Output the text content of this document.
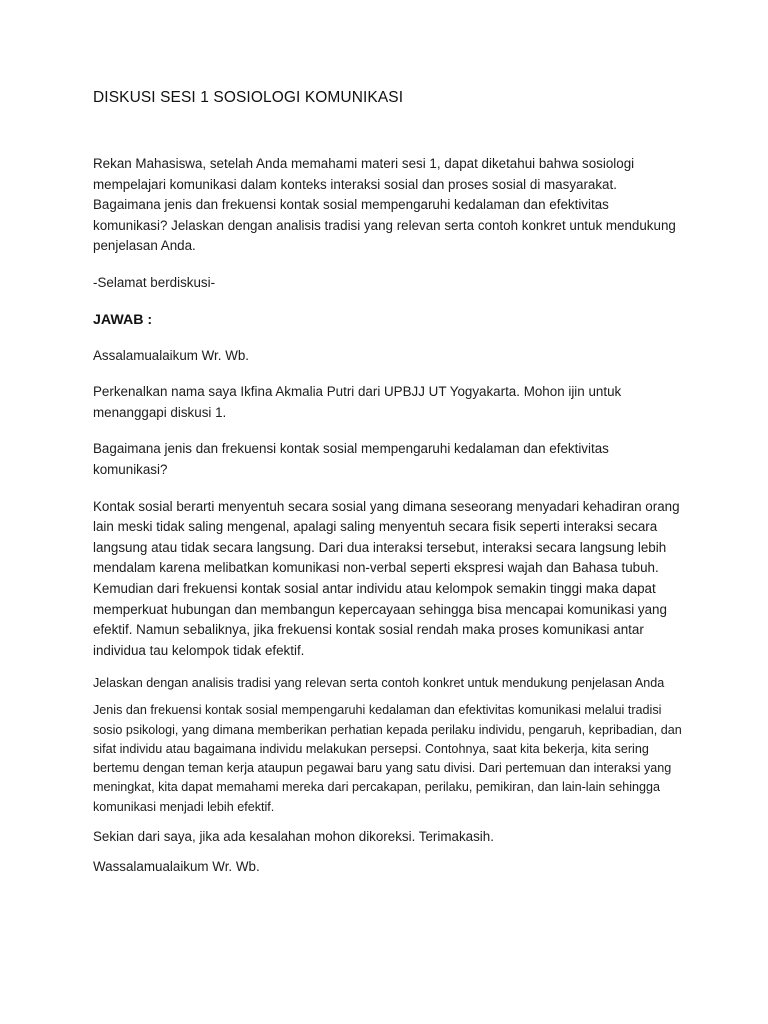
DISKUSI SESI 1 SOSIOLOGI KOMUNIKASI

Rekan Mahasiswa, setelah Anda memahami materi sesi 1, dapat diketahui bahwa sosiologi mempelajari komunikasi dalam konteks interaksi sosial dan proses sosial di masyarakat. Bagaimana jenis dan frekuensi kontak sosial mempengaruhi kedalaman dan efektivitas komunikasi? Jelaskan dengan analisis tradisi yang relevan serta contoh konkret untuk mendukung penjelasan Anda.

-Selamat berdiskusi-

JAWAB :

Assalamualaikum Wr. Wb.

Perkenalkan nama saya Ikfina Akmalia Putri dari UPBJJ UT Yogyakarta. Mohon ijin untuk menanggapi diskusi 1.

Bagaimana jenis dan frekuensi kontak sosial mempengaruhi kedalaman dan efektivitas komunikasi?

Kontak sosial berarti menyentuh secara sosial yang dimana seseorang menyadari kehadiran orang lain meski tidak saling mengenal, apalagi saling menyentuh secara fisik seperti interaksi secara langsung atau tidak secara langsung. Dari dua interaksi tersebut, interaksi secara langsung lebih mendalam karena melibatkan komunikasi non-verbal seperti ekspresi wajah dan Bahasa tubuh. Kemudian dari frekuensi kontak sosial antar individu atau kelompok semakin tinggi maka dapat memperkuat hubungan dan membangun kepercayaan sehingga bisa mencapai komunikasi yang efektif. Namun sebaliknya, jika frekuensi kontak sosial rendah maka proses komunikasi antar individua tau kelompok tidak efektif.

Jelaskan dengan analisis tradisi yang relevan serta contoh konkret untuk mendukung penjelasan Anda

Jenis dan frekuensi kontak sosial mempengaruhi kedalaman dan efektivitas komunikasi melalui tradisi sosio psikologi, yang dimana memberikan perhatian kepada perilaku individu, pengaruh, kepribadian, dan sifat individu atau bagaimana individu melakukan persepsi. Contohnya, saat kita bekerja, kita sering bertemu dengan teman kerja ataupun pegawai baru yang satu divisi. Dari pertemuan dan interaksi yang meningkat, kita dapat memahami mereka dari percakapan, perilaku, pemikiran, dan lain-lain sehingga komunikasi menjadi lebih efektif.

Sekian dari saya, jika ada kesalahan mohon dikoreksi. Terimakasih.

Wassalamualaikum Wr. Wb.
